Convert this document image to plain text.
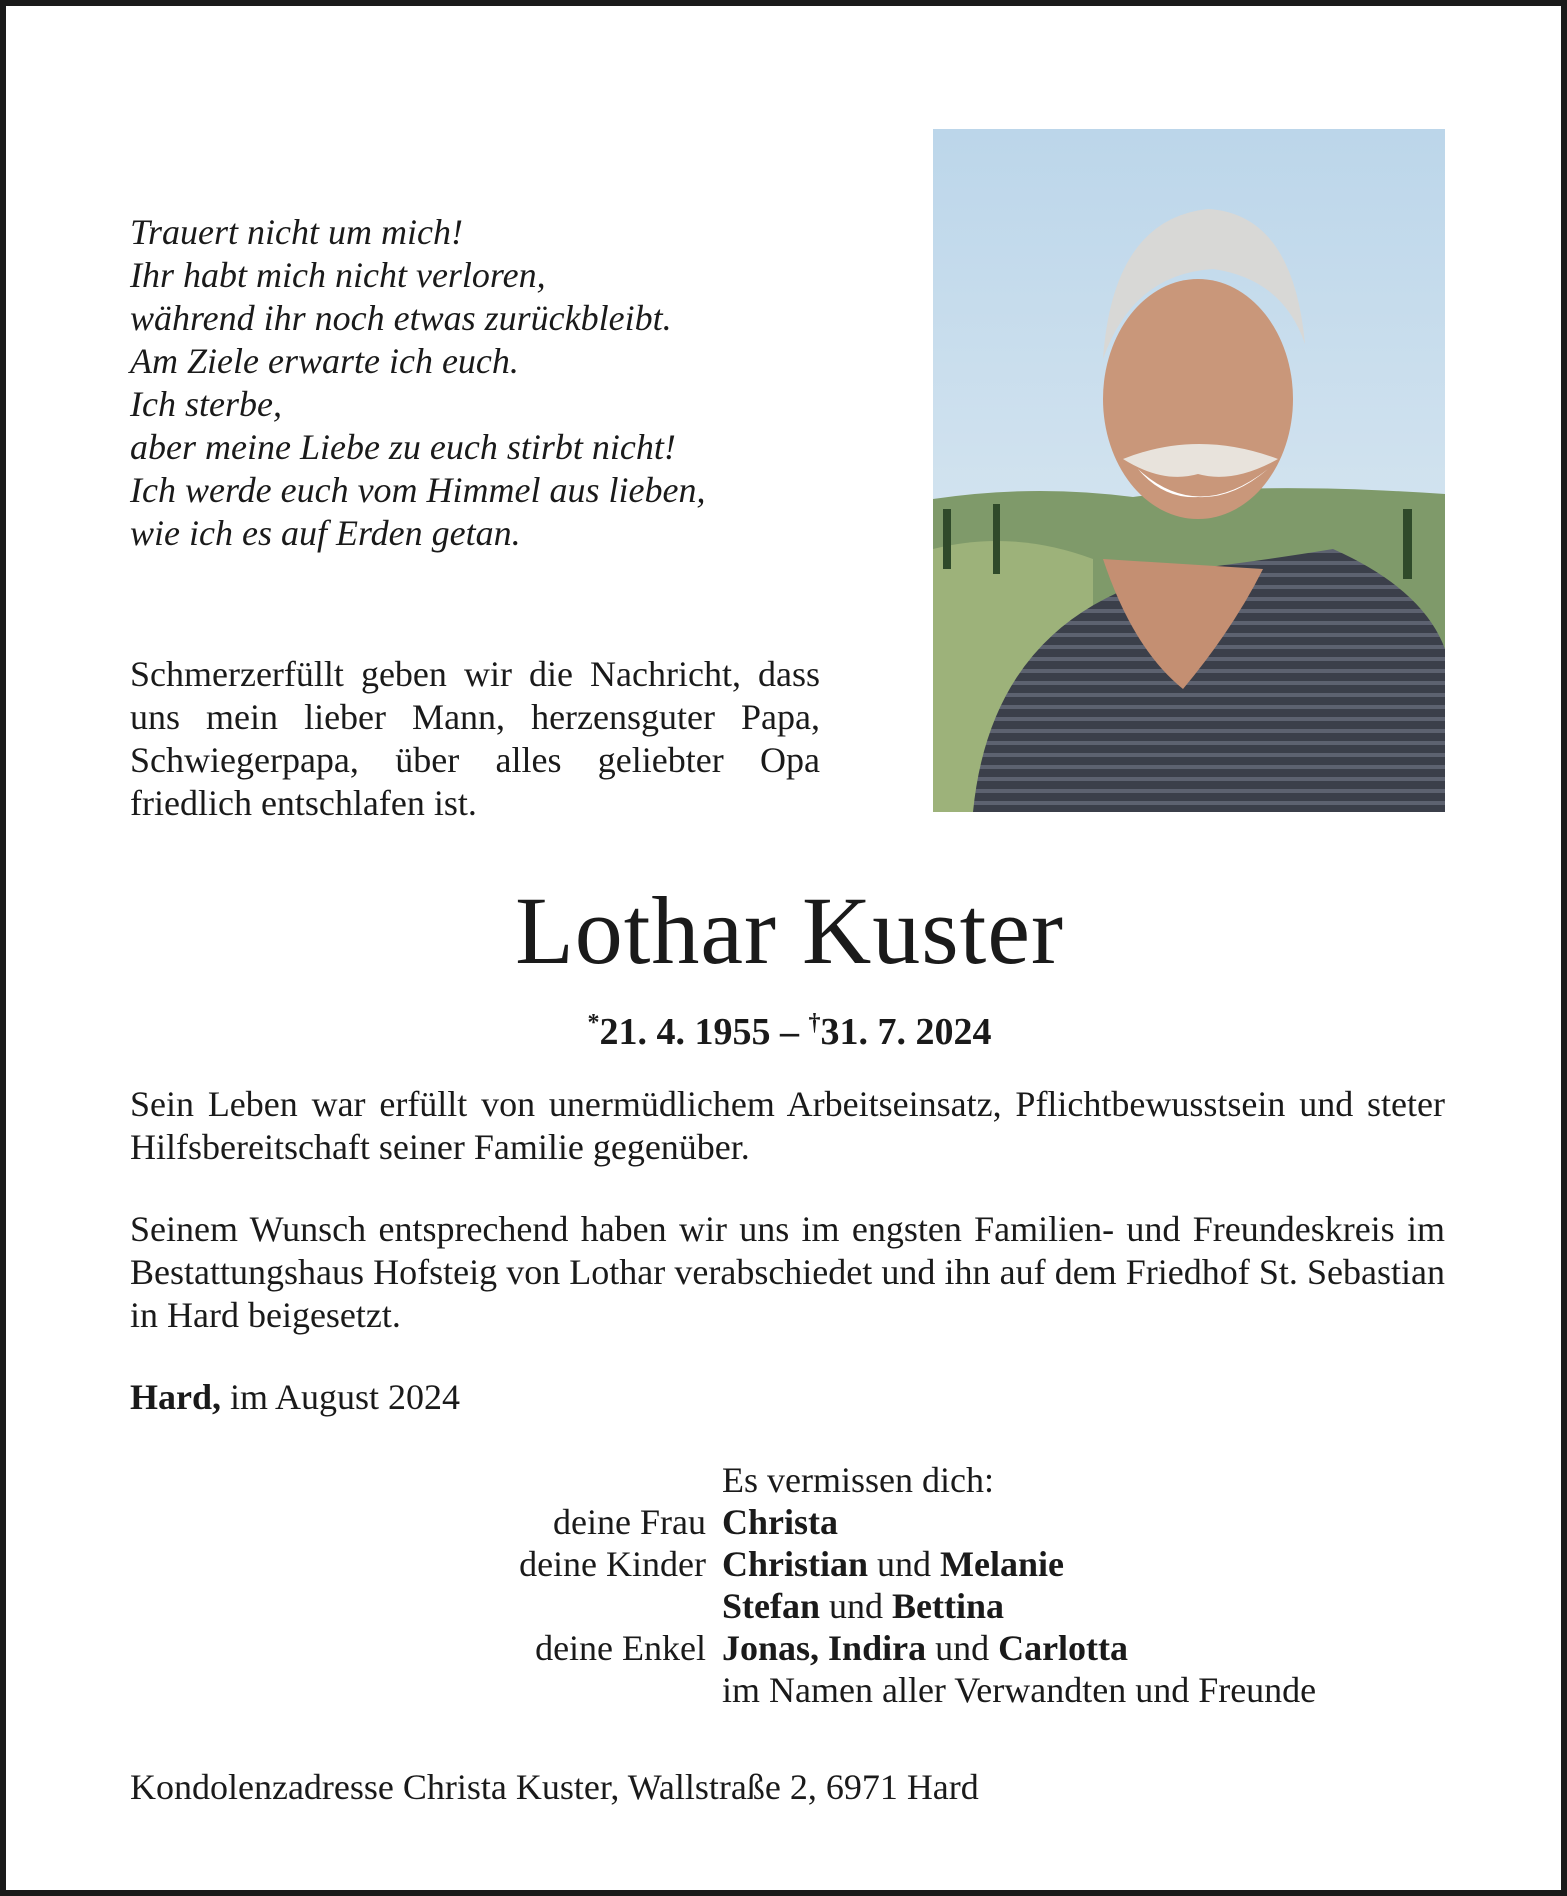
Trauert nicht um mich!
Ihr habt mich nicht verloren,
während ihr noch etwas zurückbleibt.
Am Ziele erwarte ich euch.
Ich sterbe,
aber meine Liebe zu euch stirbt nicht!
Ich werde euch vom Himmel aus lieben,
wie ich es auf Erden getan.
Schmerzerfüllt geben wir die Nachricht, dass uns mein lieber Mann, herzensguter Papa, Schwiegerpapa, über alles geliebter Opa friedlich entschlafen ist.
Lothar Kuster
*21. 4. 1955 – †31. 7. 2024
Sein Leben war erfüllt von unermüdlichem Arbeitseinsatz, Pflichtbewusstsein und steter Hilfsbereitschaft seiner Familie gegenüber.
Seinem Wunsch entsprechend haben wir uns im engsten Familien- und Freundeskreis im Bestattungshaus Hofsteig von Lothar verabschiedet und ihn auf dem Friedhof St. Sebastian in Hard beigesetzt.
Hard, im August 2024
Es vermissen dich:
deine Frau Christa
deine Kinder Christian und Melanie
Stefan und Bettina
deine Enkel Jonas, Indira und Carlotta
im Namen aller Verwandten und Freunde
Kondolenzadresse Christa Kuster, Wallstraße 2, 6971 Hard
